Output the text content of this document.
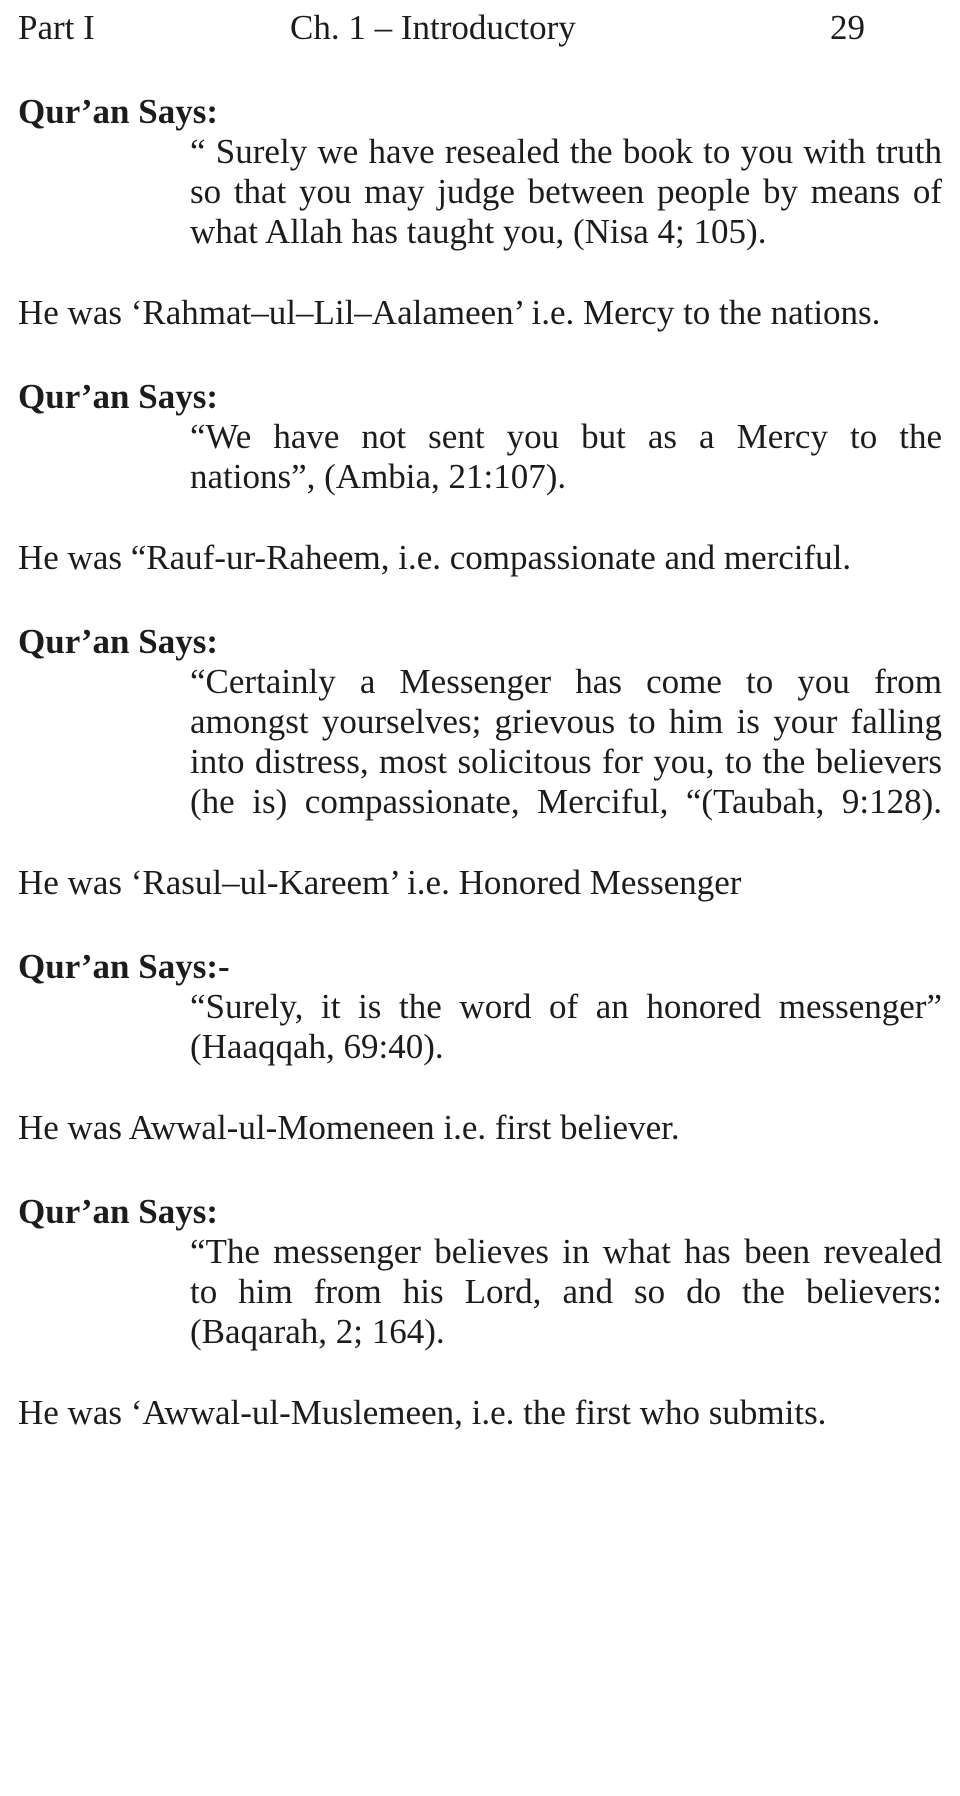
Part I	Ch. 1 – Introductory	29
Qur’an Says:
“ Surely we have resealed the book to you with truth
so that you may judge between people by means of
what Allah has taught you, (Nisa 4; 105).

He was ‘Rahmat–ul–Lil–Aalameen’ i.e. Mercy to the nations.

Qur’an Says:
“We have not sent you but as a Mercy to the
nations”, (Ambia, 21:107).

He was “Rauf-ur-Raheem, i.e. compassionate and merciful.

Qur’an Says:
“Certainly a Messenger has come to you from
amongst yourselves; grievous to him is your falling
into distress, most solicitous for you, to the believers
(he is) compassionate, Merciful, “(Taubah, 9:128).

He was ‘Rasul–ul-Kareem’ i.e. Honored Messenger

Qur’an Says:-
“Surely, it is the word of an honored messenger”
(Haaqqah, 69:40).

He was Awwal-ul-Momeneen i.e. first believer.

Qur’an Says:
“The messenger believes in what has been revealed
to him from his Lord, and so do the believers:
(Baqarah, 2; 164).

He was ‘Awwal-ul-Muslemeen, i.e. the first who submits.
